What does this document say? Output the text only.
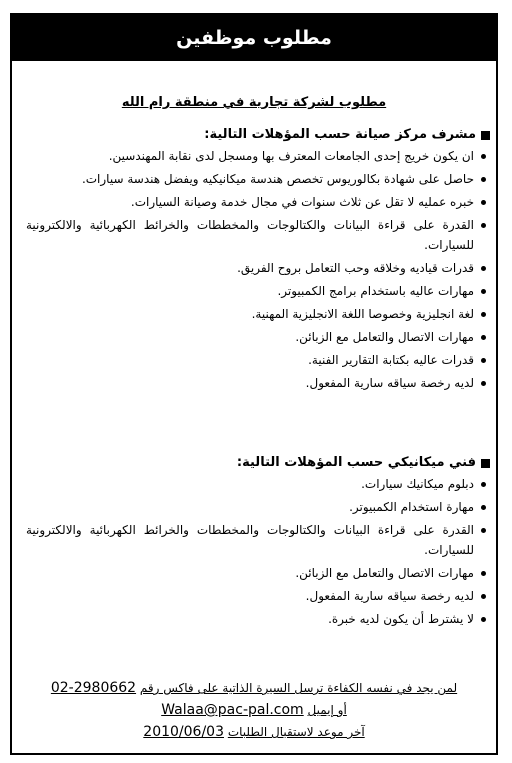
مطلوب موظفين
مطلوب لشركة تجارية في منطقة رام الله
مشرف مركز صيانة حسب المؤهلات التالية:
ان يكون خريج إحدى الجامعات المعترف بها ومسجل لدى نقابة المهندسين.
حاصل على شهادة بكالوريوس تخصص هندسة ميكانيكيه ويفضل هندسة سيارات.
خبره عمليه لا تقل عن ثلاث سنوات في مجال خدمة وصيانة السيارات.
القدرة على قراءة البيانات والكتالوجات والمخططات والخرائط الكهربائية والالكترونية للسيارات.
قدرات قياديه وخلاقه وحب التعامل بروح الفريق.
مهارات عاليه باستخدام برامج الكمبيوتر.
لغة انجليزية وخصوصا اللغة الانجليزية المهنية.
مهارات الاتصال والتعامل مع الزبائن.
قدرات عاليه بكتابة التقارير الفنية.
لديه رخصة سياقه سارية المفعول.
فني ميكانيكي حسب المؤهلات التالية:
دبلوم ميكانيك سيارات.
مهارة استخدام الكمبيوتر.
القدرة على قراءة البيانات والكتالوجات والمخططات والخرائط الكهربائية والالكترونية للسيارات.
مهارات الاتصال والتعامل مع الزبائن.
لديه رخصة سياقه سارية المفعول.
لا يشترط أن يكون لديه خبرة.
لمن يجد في نفسه الكفاءة ترسل السيرة الذاتية على فاكس رقم 02-2980662
أو إيميل Walaa@pac-pal.com
آخر موعد لاستقبال الطلبات 2010/06/03
